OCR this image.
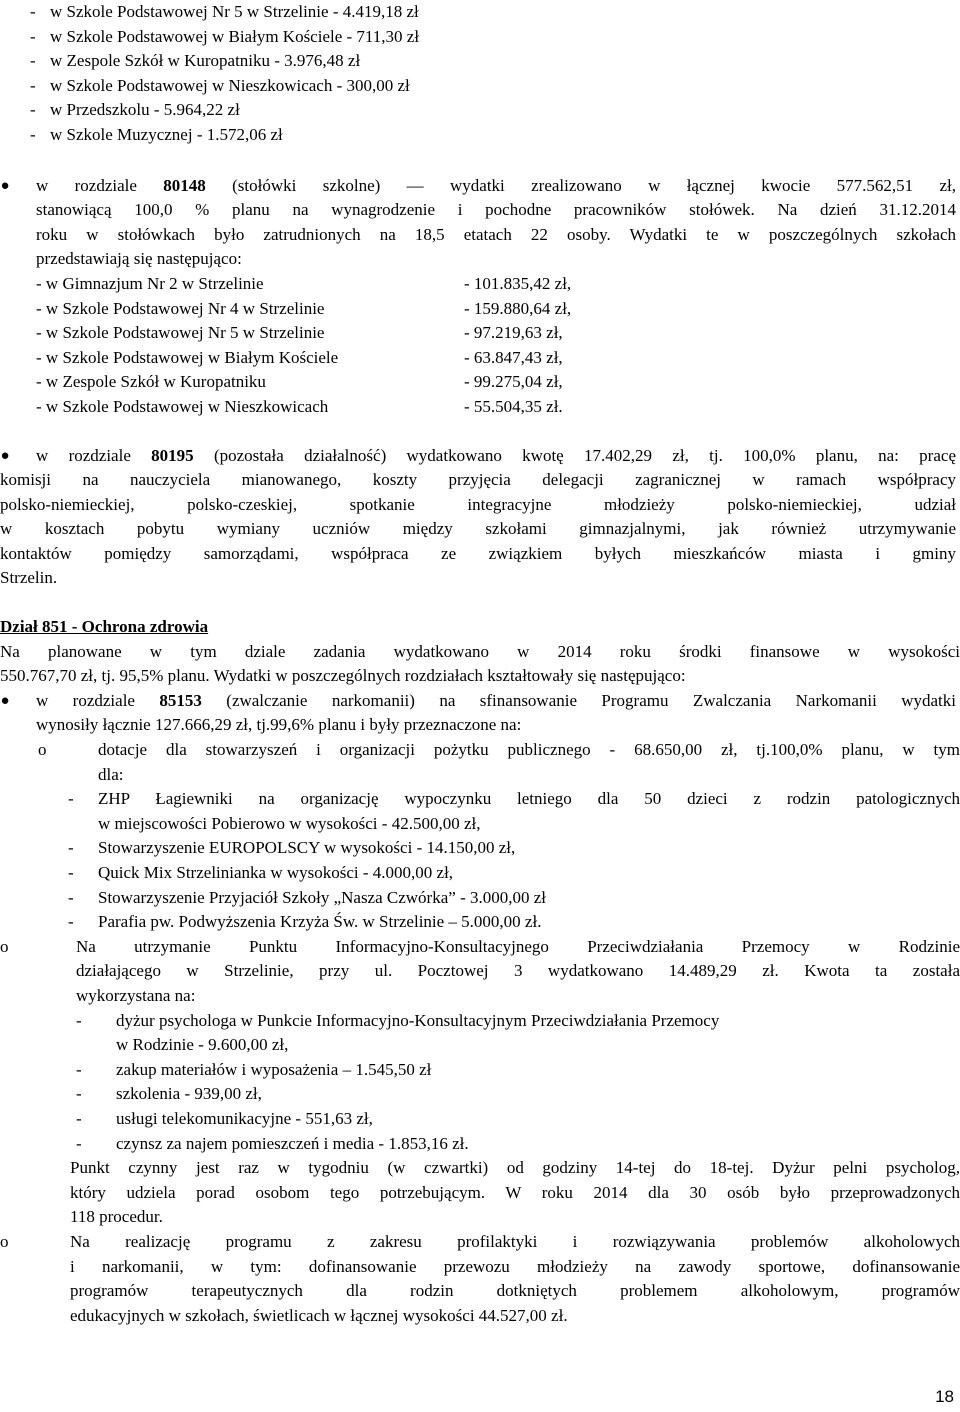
- w Szkole Podstawowej Nr 5 w Strzelinie - 4.419,18 zł
- w Szkole Podstawowej w Białym Kościele - 711,30 zł
- w Zespole Szkół w Kuropatniku - 3.976,48 zł
- w Szkole Podstawowej w Nieszkowicach - 300,00 zł
- w Przedszkolu - 5.964,22 zł
- w Szkole Muzycznej - 1.572,06 zł
● w rozdziale 80148 (stołówki szkolne) — wydatki zrealizowano w łącznej kwocie 577.562,51 zł,
stanowiącą 100,0 % planu na wynagrodzenie i pochodne pracowników stołówek. Na dzień 31.12.2014
roku w stołówkach było zatrudnionych na 18,5 etatach 22 osoby. Wydatki te w poszczególnych szkołach
przedstawiają się następująco:
- w Gimnazjum Nr 2 w Strzelinie	- 101.835,42 zł,
- w Szkole Podstawowej Nr 4 w Strzelinie	- 159.880,64 zł,
- w Szkole Podstawowej Nr 5 w Strzelinie	- 97.219,63 zł,
- w Szkole Podstawowej w Białym Kościele	- 63.847,43 zł,
- w Zespole Szkół w Kuropatniku	- 99.275,04 zł,
- w Szkole Podstawowej w Nieszkowicach	- 55.504,35 zł.
●	w rozdziale 80195 (pozostała działalność) wydatkowano kwotę 17.402,29 zł, tj. 100,0% planu, na: pracę
komisji na nauczyciela mianowanego, koszty przyjęcia delegacji zagranicznej w ramach współpracy
polsko-niemieckiej, polsko-czeskiej, spotkanie integracyjne młodzieży polsko-niemieckiej, udział
w kosztach pobytu wymiany uczniów między szkołami gimnazjalnymi, jak również utrzymywanie
kontaktów pomiędzy samorządami, współpraca ze związkiem byłych mieszkańców miasta i gminy
Strzelin.
Dział 851 - Ochrona zdrowia
Na planowane w tym dziale zadania wydatkowano w 2014 roku środki finansowe w wysokości
550.767,70 zł, tj. 95,5% planu. Wydatki w poszczególnych rozdziałach kształtowały się następująco:
● w rozdziale 85153 (zwalczanie narkomanii) na sfinansowanie Programu Zwalczania Narkomanii wydatki
wynosiły łącznie 127.666,29 zł, tj.99,6% planu i były przeznaczone na:
o	dotacje dla stowarzyszeń i organizacji pożytku publicznego - 68.650,00 zł, tj.100,0% planu, w tym
dla:
- ZHP Łagiewniki na organizację wypoczynku letniego dla 50 dzieci z rodzin patologicznych
w miejscowości Pobierowo w wysokości - 42.500,00 zł,
- Stowarzyszenie EUROPOLSCY w wysokości - 14.150,00 zł,
- Quick Mix Strzelinianka w wysokości - 4.000,00 zł,
- Stowarzyszenie Przyjaciół Szkoły „Nasza Czwórka” - 3.000,00 zł
- Parafia pw. Podwyższenia Krzyża Św. w Strzelinie – 5.000,00 zł.
o	Na utrzymanie Punktu Informacyjno-Konsultacyjnego Przeciwdziałania Przemocy w Rodzinie
działającego w Strzelinie, przy ul. Pocztowej 3 wydatkowano 14.489,29 zł. Kwota ta została
wykorzystana na:
- dyżur psychologa w Punkcie Informacyjno-Konsultacyjnym Przeciwdziałania Przemocy
w Rodzinie - 9.600,00 zł,
- zakup materiałów i wyposażenia – 1.545,50 zł
- szkolenia - 939,00 zł,
- usługi telekomunikacyjne - 551,63 zł,
- czynsz za najem pomieszczeń i media - 1.853,16 zł.
Punkt czynny jest raz w tygodniu (w czwartki) od godziny 14-tej do 18-tej. Dyżur pelni psycholog,
który udziela porad osobom tego potrzebującym. W roku 2014 dla 30 osób było przeprowadzonych
118 procedur.
o	Na realizację programu z zakresu profilaktyki i rozwiązywania problemów alkoholowych
i narkomanii, w tym: dofinansowanie przewozu młodzieży na zawody sportowe, dofinansowanie
programów terapeutycznych dla rodzin dotkniętych problemem alkoholowym, programów
edukacyjnych w szkołach, świetlicach w łącznej wysokości 44.527,00 zł.
18
